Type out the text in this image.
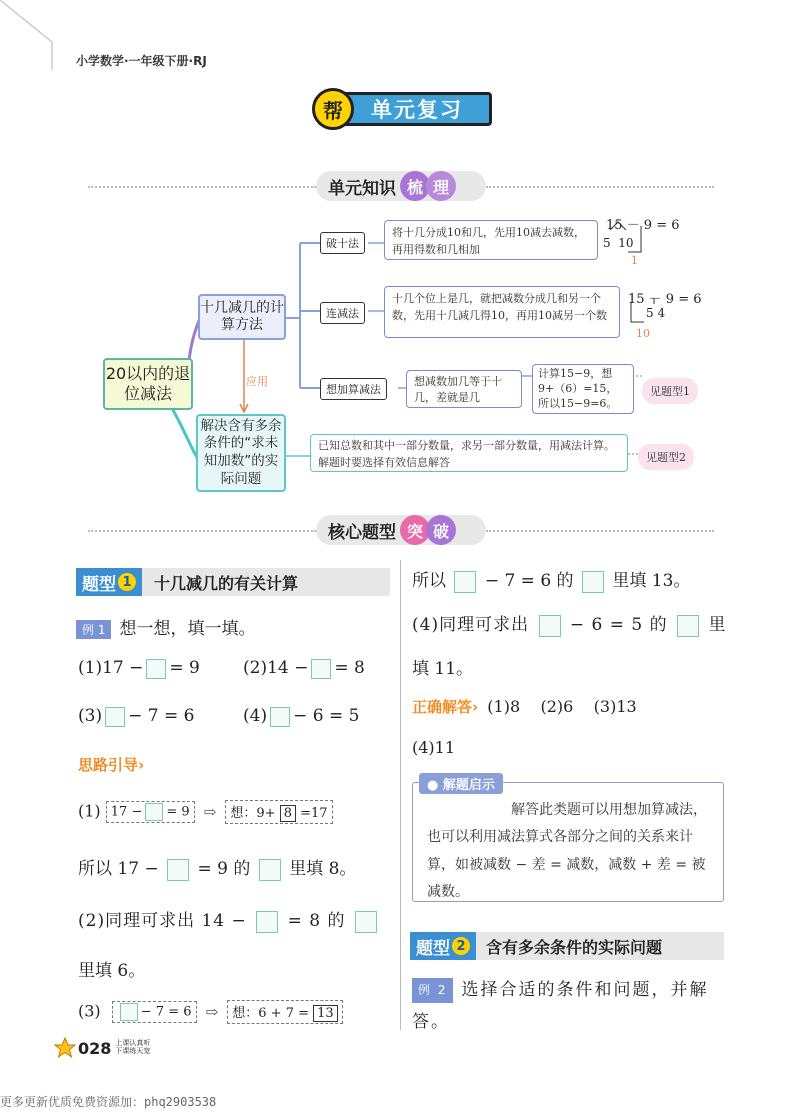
小学数学·一年级下册·RJ
单元复习
帮
单元知识 梳 理
20以内的退位减法
十几减几的计算方法
应用
解决含有多余条件的“求未知加数”的实际问题
破十法
将十几分成10和几，先用10减去减数，再用得数和几相加
15 － 9 = 6
5  10
1
连减法
十几个位上是几，就把减数分成几和另一个数，先用十几减几得10，再用10减另一个数
15 － 9 = 6
5 4
10
想加算减法
想减数加几等于十几，差就是几
计算15−9，想9+（6）=15，所以15−9=6。
见题型1
已知总数和其中一部分数量，求另一部分数量，用减法计算。解题时要选择有效信息解答	见题型2
核心题型 突 破
题型 1 十几减几的有关计算
例 1 想一想，填一填。
(1)17 − = 9	(2)14 − = 8
(3) − 7 = 6	(4) − 6 = 5
思路引导›
(1) 17 − = 9 ⇨ 想：9+ 8 =17
所以 17 − = 9 的 里填 8。
(2)同理可求出 14 − = 8 的
里填 6。
(3)	− 7 = 6 ⇨ 想：6 + 7 = 13
所以 − 7 = 6 的 里填 13。
(4)同理可求出 − 6 = 5 的 里
填 11。
正确解答› (1)8    (2)6    (3)13
(4)11
● 解题启示
解答此类题可以用想加算减法，也可以利用减法算式各部分之间的关系来计算，如被减数 − 差 = 减数，减数 + 差 = 被减数。
题型 2 含有多余条件的实际问题
例 2 选择合适的条件和问题，并解答。
028 上课认真听
下课练天宽
更多更新优质免费资源加：phq2903538
